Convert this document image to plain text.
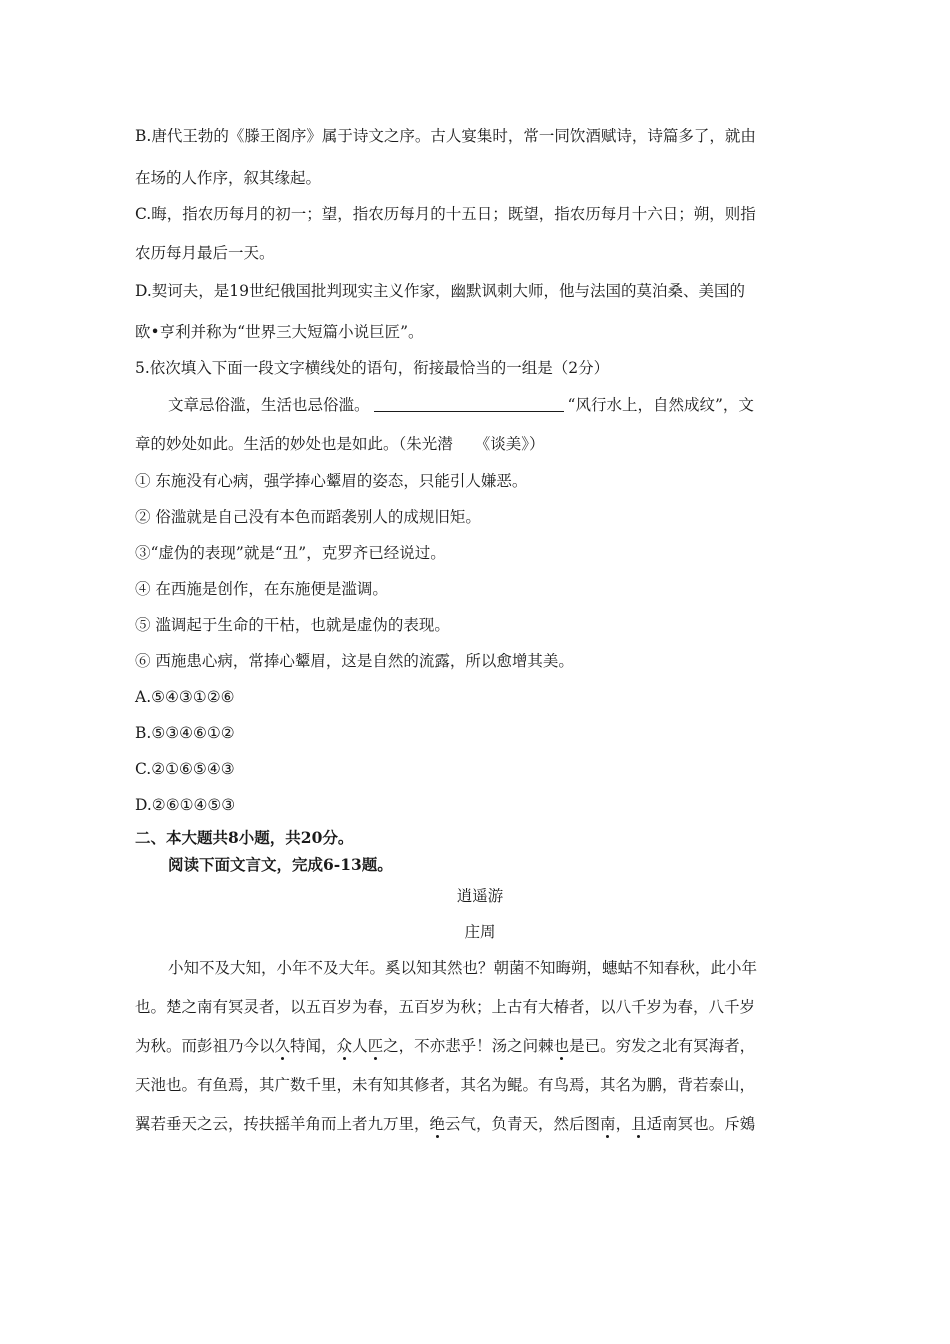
B.唐代王勃的《滕王阁序》属于诗文之序。古人宴集时，常一同饮酒赋诗，诗篇多了，就由
在场的人作序，叙其缘起。
C.晦，指农历每月的初一；望，指农历每月的十五日；既望，指农历每月十六日；朔，则指
农历每月最后一天。
D.契诃夫，是19世纪俄国批判现实主义作家，幽默讽刺大师，他与法国的莫泊桑、美国的
欧•亨利并称为“世界三大短篇小说巨匠”。
5.依次填入下面一段文字横线处的语句，衔接最恰当的一组是（2分）
文章忌俗滥，生活也忌俗滥。	“风行水上，自然成纹”，文
章的妙处如此。生活的妙处也是如此。（朱光潜 《谈美》）
① 东施没有心病，强学捧心颦眉的姿态，只能引人嫌恶。
② 俗滥就是自己没有本色而蹈袭别人的成规旧矩。
③“虚伪的表现”就是“丑”，克罗齐已经说过。
④ 在西施是创作，在东施便是滥调。
⑤ 滥调起于生命的干枯，也就是虚伪的表现。
⑥ 西施患心病，常捧心颦眉，这是自然的流露，所以愈增其美。
A.⑤④③①②⑥
B.⑤③④⑥①②
C.②①⑥⑤④③
D.②⑥①④⑤③
二、本大题共8小题，共20分。
阅读下面文言文，完成6-13题。
逍遥游
庄周
小知不及大知，小年不及大年。奚以知其然也？朝菌不知晦朔，蟪蛄不知春秋，此小年
也。楚之南有冥灵者，以五百岁为春，五百岁为秋；上古有大椿者，以八千岁为春，八千岁
为秋。而彭祖乃今以久特闻，众人匹之，不亦悲乎！汤之问棘也是已。穷发之北有冥海者，
天池也。有鱼焉，其广数千里，未有知其修者，其名为鲲。有鸟焉，其名为鹏，背若泰山，
翼若垂天之云，抟扶摇羊角而上者九万里，绝云气，负青天，然后图南，且适南冥也。斥鴳
